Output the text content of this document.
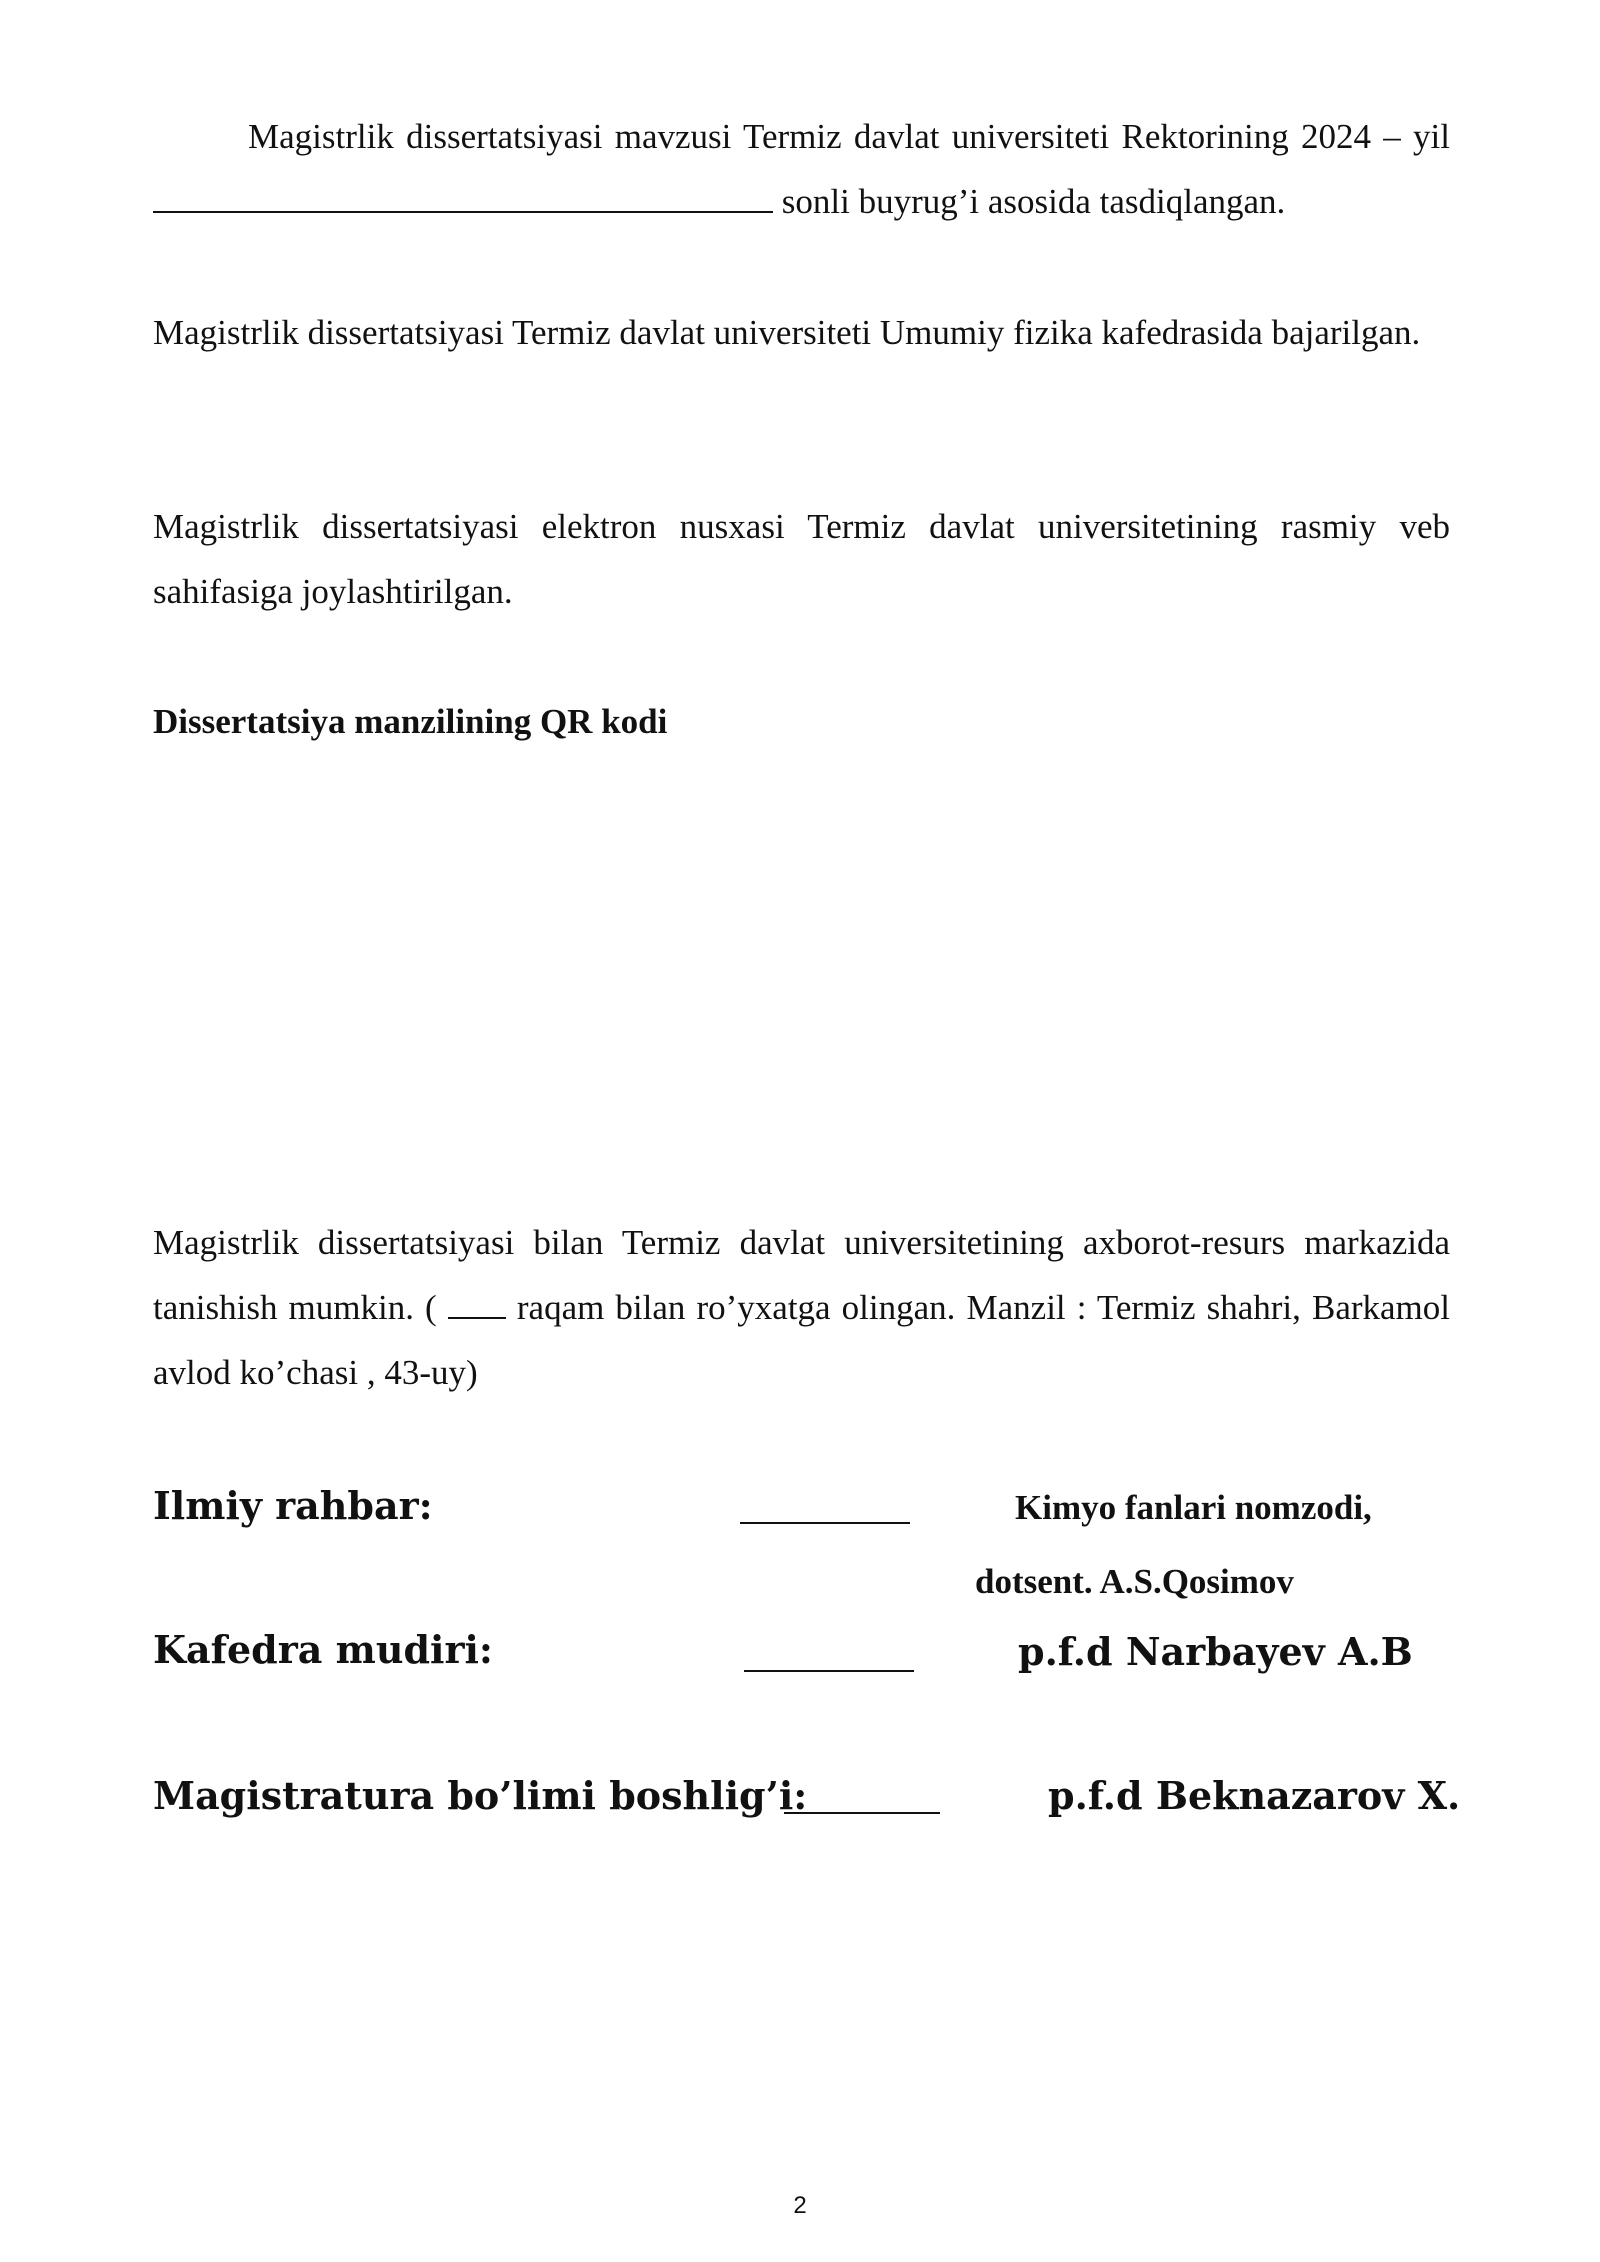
Magistrlik dissertatsiyasi mavzusi Termiz davlat universiteti Rektorining 2024 – yil  sonli buyrug’i asosida tasdiqlangan.

Magistrlik dissertatsiyasi Termiz davlat universiteti Umumiy fizika kafedrasida bajarilgan.

Magistrlik dissertatsiyasi elektron nusxasi Termiz davlat universitetining rasmiy veb sahifasiga joylashtirilgan.

Dissertatsiya manzilining QR kodi

Magistrlik dissertatsiyasi bilan Termiz davlat universitetining axborot-resurs markazida tanishish mumkin. (  raqam bilan ro’yxatga olingan. Manzil : Termiz shahri, Barkamol avlod ko’chasi , 43-uy)

Ilmiy rahbar:	Kimyo fanlari nomzodi,
dotsent. A.S.Qosimov
Kafedra mudiri:	p.f.d Narbayev A.B
Magistratura bo’limi boshlig’i:	p.f.d Beknazarov X.
2
